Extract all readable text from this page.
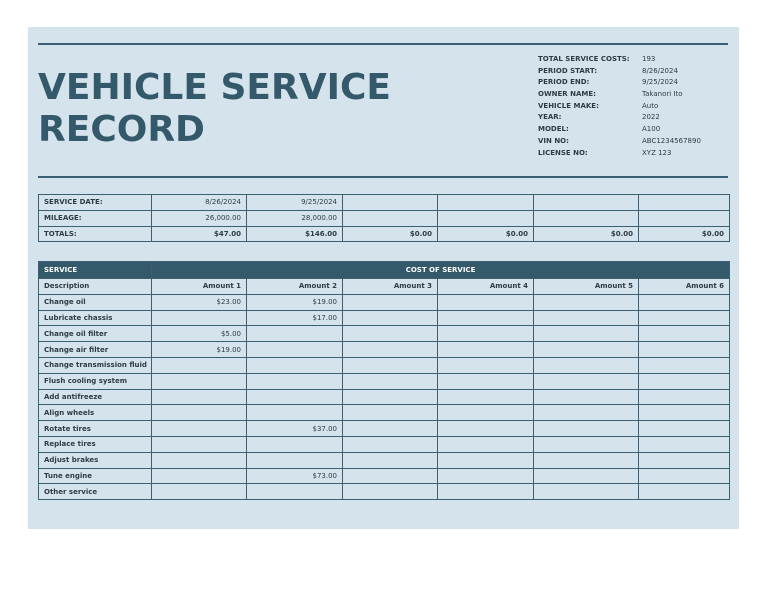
VEHICLE SERVICE RECORD
TOTAL SERVICE COSTS:	193
PERIOD START:	8/26/2024
PERIOD END:	9/25/2024
OWNER NAME:	Takanori Ito
VEHICLE MAKE:	Auto
YEAR:	2022
MODEL:	A100
VIN NO:	ABC1234567890
LICENSE NO:	XYZ 123
SERVICE DATE:	8/26/2024	9/25/2024				
MILEAGE:	26,000.00	28,000.00				
TOTALS:	$47.00	$146.00	$0.00	$0.00	$0.00	$0.00
SERVICE	COST OF SERVICE					
Description	Amount 1	Amount 2	Amount 3	Amount 4	Amount 5	Amount 6
Change oil	$23.00	$19.00				
Lubricate chassis		$17.00				
Change oil filter	$5.00					
Change air filter	$19.00					
Change transmission fluid						
Flush cooling system						
Add antifreeze						
Align wheels						
Rotate tires		$37.00				
Replace tires						
Adjust brakes						
Tune engine		$73.00				
Other service						
